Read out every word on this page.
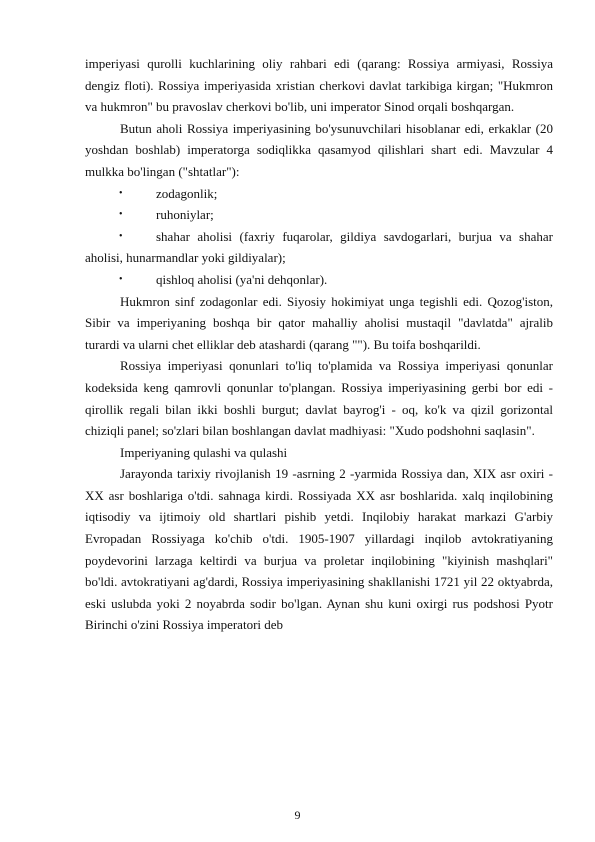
imperiyasi qurolli kuchlarining oliy rahbari edi (qarang: Rossiya armiyasi, Rossiya dengiz floti). Rossiya imperiyasida xristian cherkovi davlat tarkibiga kirgan; "Hukmron va hukmron" bu pravoslav cherkovi bo'lib, uni imperator Sinod orqali boshqargan.

Butun aholi Rossiya imperiyasining bo'ysunuvchilari hisoblanar edi, erkaklar (20 yoshdan boshlab) imperatorga sodiqlikka qasamyod qilishlari shart edi. Mavzular 4 mulkka bo'lingan ("shtatlar"):

•	zodagonlik;
•	ruhoniylar;
•	shahar aholisi (faxriy fuqarolar, gildiya savdogarlari, burjua va shahar aholisi, hunarmandlar yoki gildiyalar);
•	qishloq aholisi (ya'ni dehqonlar).

Hukmron sinf zodagonlar edi. Siyosiy hokimiyat unga tegishli edi. Qozog'iston, Sibir va imperiyaning boshqa bir qator mahalliy aholisi mustaqil "davlatda" ajralib turardi va ularni chet elliklar deb atashardi (qarang ""). Bu toifa boshqarildi.

Rossiya imperiyasi qonunlari to'liq to'plamida va Rossiya imperiyasi qonunlar kodeksida keng qamrovli qonunlar to'plangan. Rossiya imperiyasining gerbi bor edi - qirollik regali bilan ikki boshli burgut; davlat bayrog'i - oq, ko'k va qizil gorizontal chiziqli panel; so'zlari bilan boshlangan davlat madhiyasi: "Xudo podshohni saqlasin".

Imperiyaning qulashi va qulashi

Jarayonda tarixiy rivojlanish 19 -asrning 2 -yarmida Rossiya dan, XIX asr oxiri - XX asr boshlariga o'tdi. sahnaga kirdi. Rossiyada XX asr boshlarida. xalq inqilobining iqtisodiy va ijtimoiy old shartlari pishib yetdi. Inqilobiy harakat markazi G'arbiy Evropadan Rossiyaga ko'chib o'tdi. 1905-1907 yillardagi inqilob avtokratiyaning poydevorini larzaga keltirdi va burjua va proletar inqilobining "kiyinish mashqlari" bo'ldi. avtokratiyani ag'dardi, Rossiya imperiyasining shakllanishi 1721 yil 22 oktyabrda, eski uslubda yoki 2 noyabrda sodir bo'lgan. Aynan shu kuni oxirgi rus podshosi Pyotr Birinchi o'zini Rossiya imperatori deb

9
